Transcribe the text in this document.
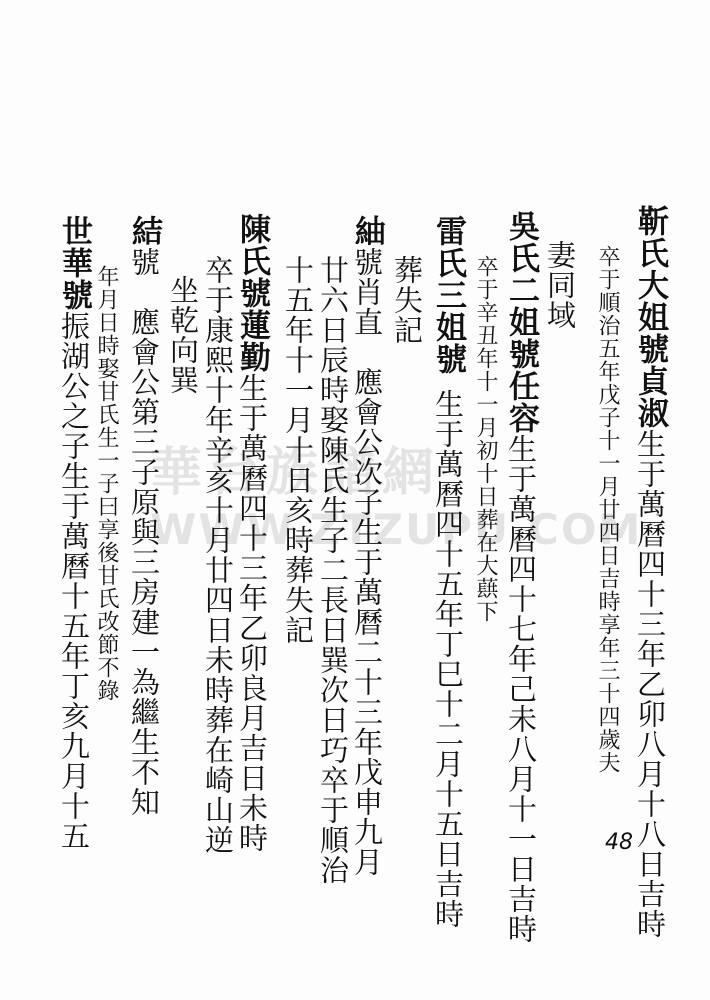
華台族譜網
WWW.ZTZUPU.COM
靳氏大姐號貞淑生于萬曆四十三年乙卯八月十八日吉時
卒于順治五年戊子十一月廿四日吉時享年三十四歲夫
妻同域
吳氏二姐號任容生于萬曆四十七年己未八月十一日吉時
卒于辛丑年十一月初十日葬在大蕻下
雷氏三姐號生于萬曆四十五年丁巳十二月十五日吉時
葬失記
紬號肖直　應會公次子生于萬曆二十三年戊申九月
廿六日辰時娶陳氏生子二長日巽次日巧卒于順治
十五年十一月十日亥時葬失記
陳氏號蓮勤生于萬曆四十三年乙卯良月吉日未時
卒于康熙十年辛亥十月廿四日未時葬在崎山逆
坐乾向巽
結號　應會公第三子原與三房建一為繼生不知
年月日時娶甘氏生一子曰享後甘氏改節不錄
世華號振湖公之子生于萬曆十五年丁亥九月十五	48
